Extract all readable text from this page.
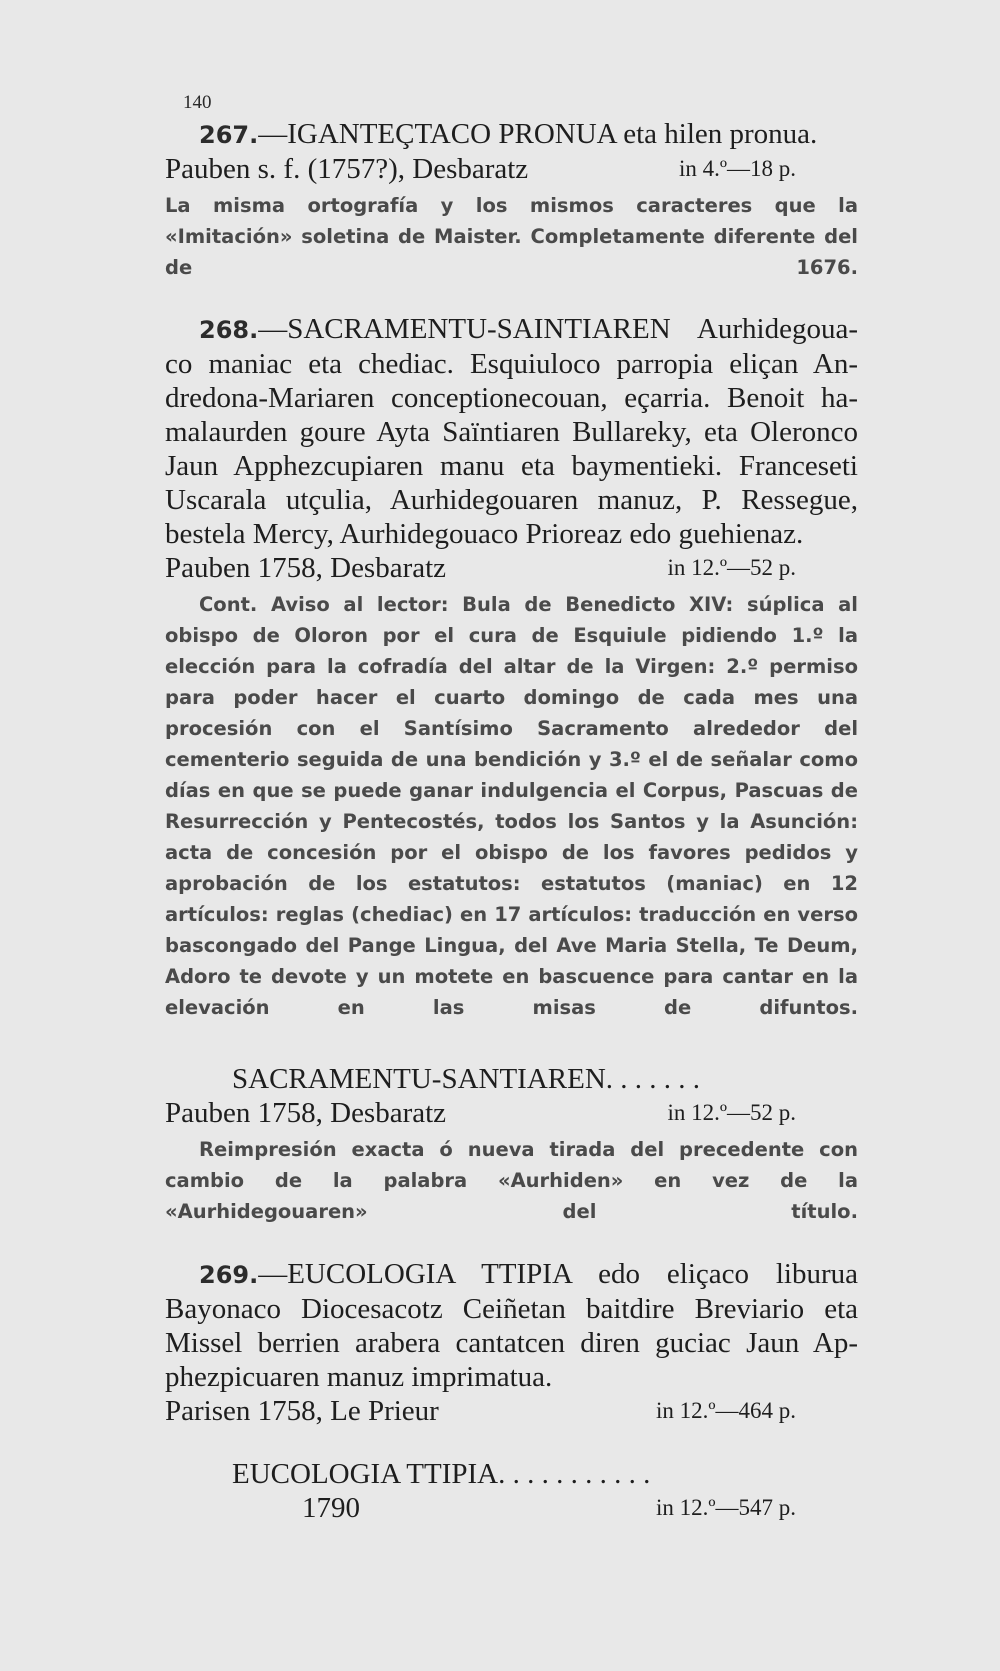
140

267.—IGANTEÇTACO PRONUA eta hilen pronua.

Pauben s. f. (1757?), Desbaratz	in 4.º—18 p.

La misma ortografía y los mismos caracteres que la «Imitación» soletina de Maister. Completamente diferente del de 1676.

268.—SACRAMENTU-SAINTIAREN Aurhidegoua-

co maniac eta chediac. Esquiuloco parropia eliçan An-

dredona-Mariaren conceptionecouan, eçarria. Benoit ha-

malaurden goure Ayta Saïntiaren Bullareky, eta Oleronco

Jaun Apphezcupiaren manu eta baymentieki. Franceseti

Uscarala utçulia, Aurhidegouaren manuz, P. Ressegue,

bestela Mercy, Aurhidegouaco Prioreaz edo guehienaz.

Pauben 1758, Desbaratz	in 12.º—52 p.

Cont. Aviso al lector: Bula de Benedicto XIV: súplica al obispo de Oloron por el cura de Esquiule pidiendo 1.º la elección para la cofradía del altar de la Virgen: 2.º permiso para poder hacer el cuarto domingo de cada mes una procesión con el Santísimo Sacramento alrededor del cementerio seguida de una bendición y 3.º el de señalar como días en que se puede ganar indulgencia el Corpus, Pascuas de Resurrección y Pentecostés, todos los Santos y la Asunción: acta de concesión por el obispo de los favores pedidos y aprobación de los estatutos: estatutos (maniac) en 12 artículos: reglas (chediac) en 17 artículos: traducción en verso bascongado del Pange Lingua, del Ave Maria Stella, Te Deum, Adoro te devote y un motete en bascuence para cantar en la elevación en las misas de difuntos.

SACRAMENTU-SANTIAREN. . . . . . .

Pauben 1758, Desbaratz	in 12.º—52 p.

Reimpresión exacta ó nueva tirada del precedente con cambio de la palabra «Aurhiden» en vez de la «Aurhidegouaren» del título.

269.—EUCOLOGIA TTIPIA edo eliçaco liburua

Bayonaco Diocesacotz Ceiñetan baitdire Breviario eta

Missel berrien arabera cantatcen diren guciac Jaun Ap-

phezpicuaren manuz imprimatua.

Parisen 1758, Le Prieur	in 12.º—464 p.

EUCOLOGIA TTIPIA. . . . . . . . . . .

1790	in 12.º—547 p.
